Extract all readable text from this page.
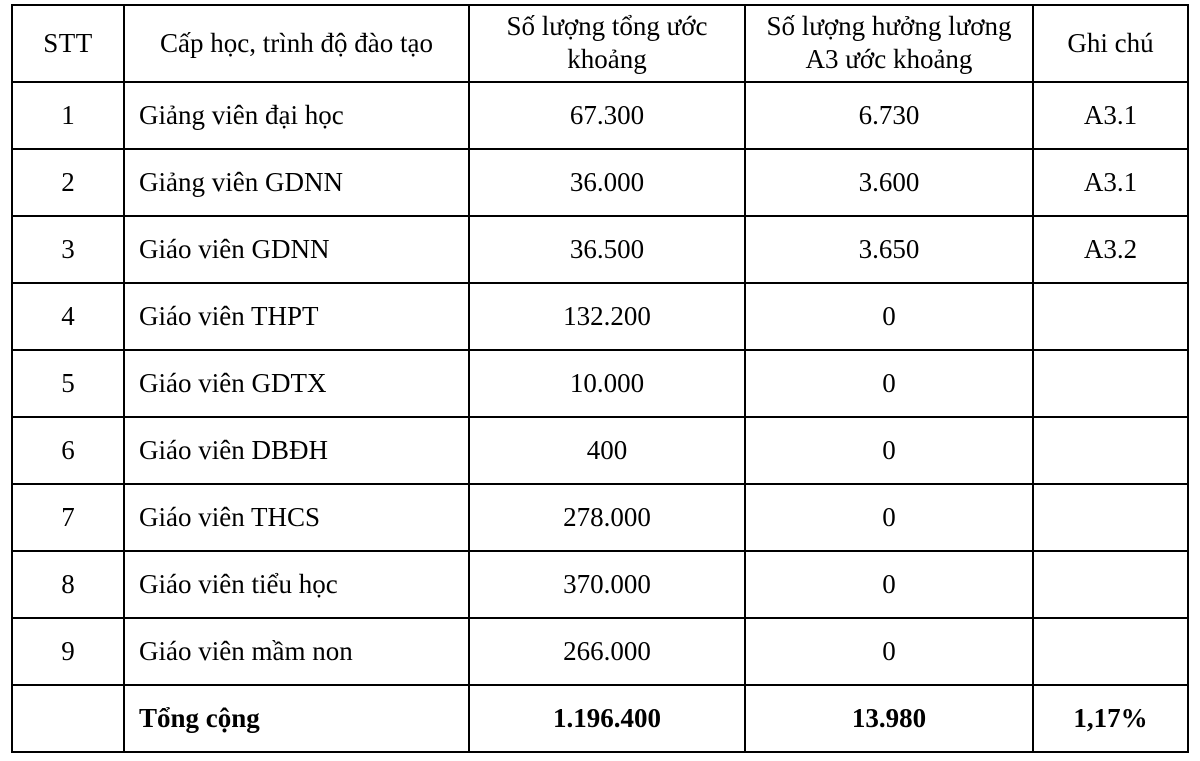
STT	Cấp học, trình độ đào tạo	Số lượng tổng ước khoảng	Số lượng hưởng lương A3 ước khoảng	Ghi chú
1	Giảng viên đại học	67.300	6.730	A3.1
2	Giảng viên GDNN	36.000	3.600	A3.1
3	Giáo viên GDNN	36.500	3.650	A3.2
4	Giáo viên THPT	132.200	0	
5	Giáo viên GDTX	10.000	0	
6	Giáo viên DBĐH	400	0	
7	Giáo viên THCS	278.000	0	
8	Giáo viên tiểu học	370.000	0	
9	Giáo viên mầm non	266.000	0	
	Tổng cộng	1.196.400	13.980	1,17%
